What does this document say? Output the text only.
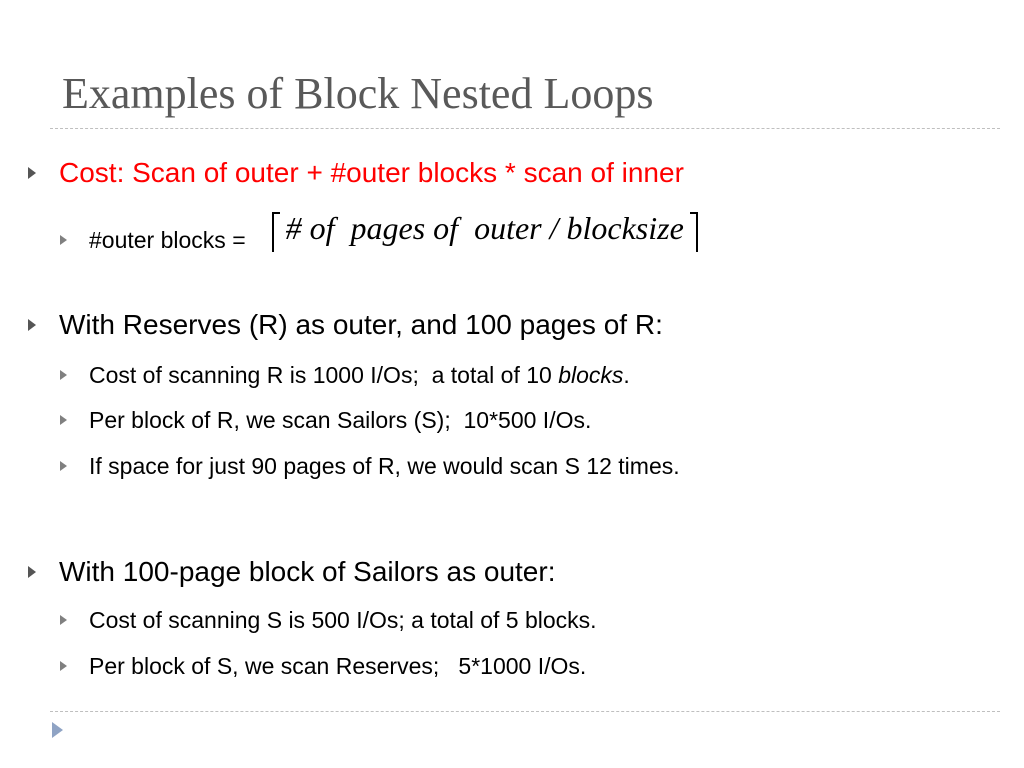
Examples of Block Nested Loops
Cost: Scan of outer + #outer blocks * scan of inner
#outer blocks = # of  pages of  outer / blocksize
With Reserves (R) as outer, and 100 pages of R:
Cost of scanning R is 1000 I/Os;  a total of 10 blocks.
Per block of R, we scan Sailors (S);  10*500 I/Os.
If space for just 90 pages of R, we would scan S 12 times.
With 100-page block of Sailors as outer:
Cost of scanning S is 500 I/Os; a total of 5 blocks.
Per block of S, we scan Reserves;   5*1000 I/Os.
